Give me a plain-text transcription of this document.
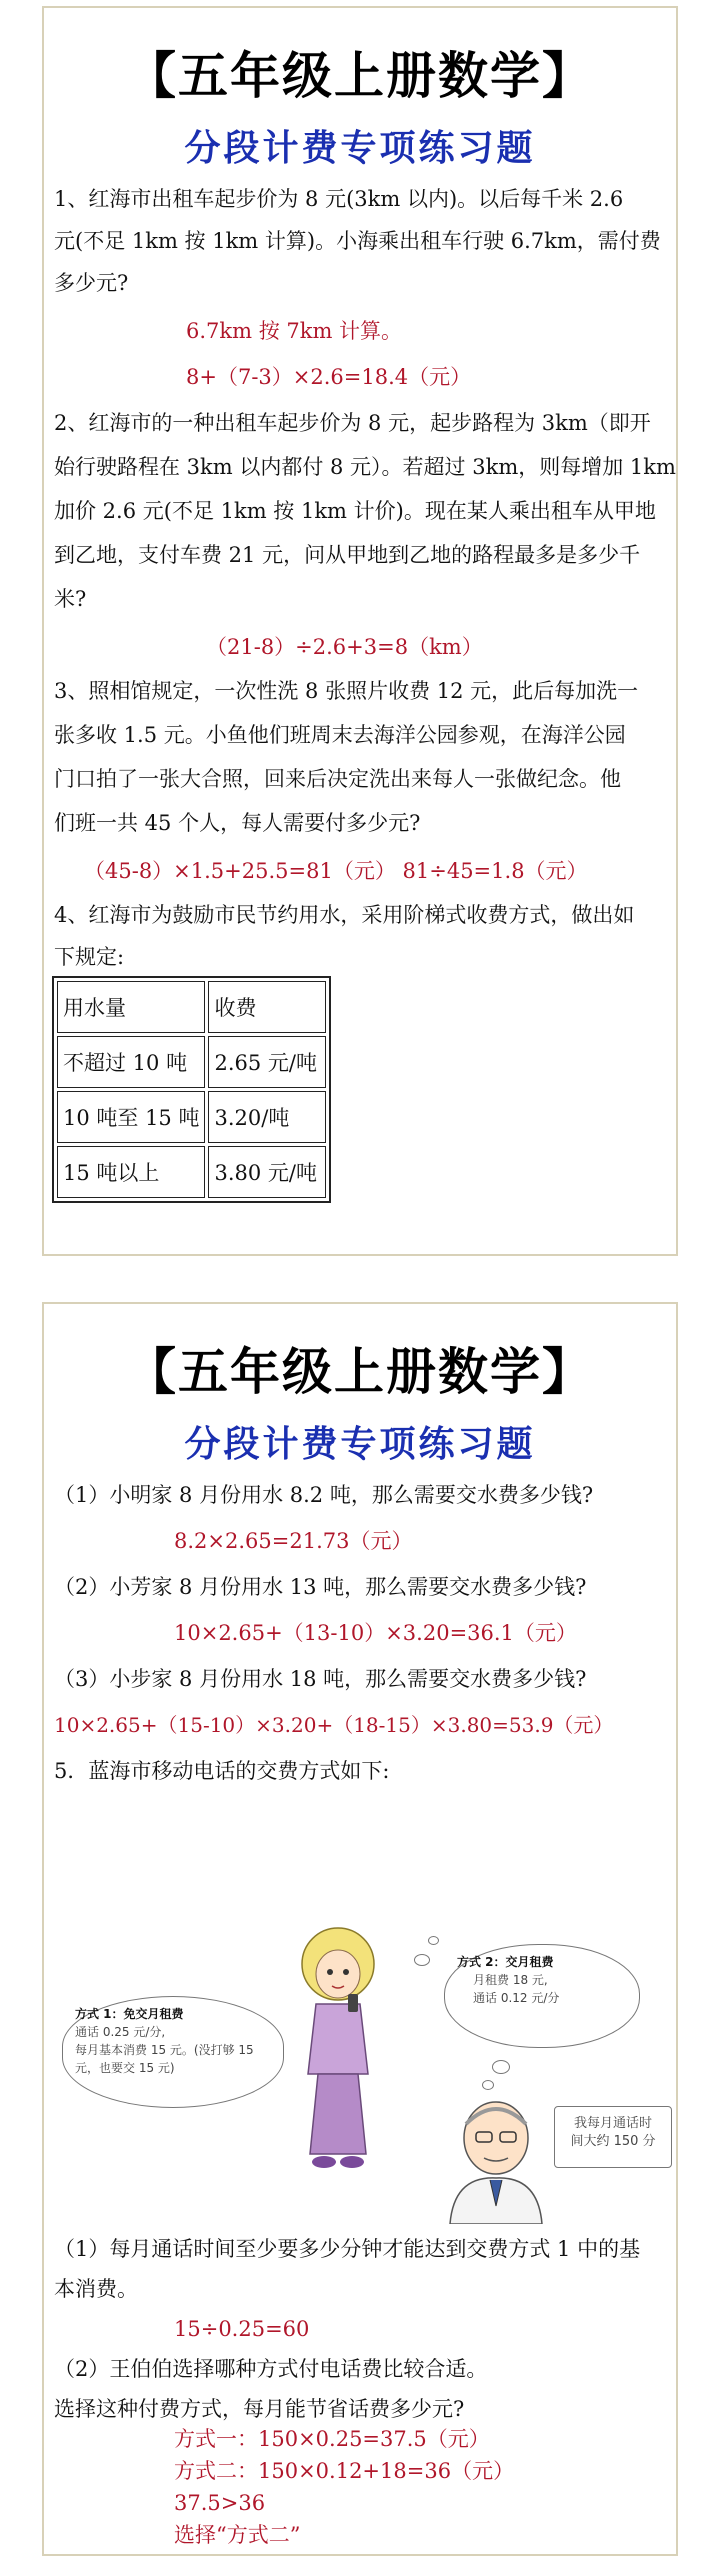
【五年级上册数学】
分段计费专项练习题
1、红海市出租车起步价为 8 元(3km 以内)。以后每千米 2.6
元(不足 1km 按 1km 计算)。小海乘出租车行驶 6.7km，需付费
多少元?
6.7km 按 7km 计算。
8+（7-3）×2.6=18.4（元）
2、红海市的一种出租车起步价为 8 元，起步路程为 3km（即开
始行驶路程在 3km 以内都付 8 元）。若超过 3km，则每增加 1km
加价 2.6 元(不足 1km 按 1km 计价)。现在某人乘出租车从甲地
到乙地，支付车费 21 元，问从甲地到乙地的路程最多是多少千
米?
（21-8）÷2.6+3=8（km）
3、照相馆规定，一次性洗 8 张照片收费 12 元，此后每加洗一
张多收 1.5 元。小鱼他们班周末去海洋公园参观，在海洋公园
门口拍了一张大合照，回来后决定洗出来每人一张做纪念。他
们班一共 45 个人，每人需要付多少元?
（45-8）×1.5+25.5=81（元） 81÷45=1.8（元）
4、红海市为鼓励市民节约用水，采用阶梯式收费方式，做出如
下规定:
用水量	收费
不超过 10 吨	2.65 元/吨
10 吨至 15 吨	3.20/吨
15 吨以上	3.80 元/吨
【五年级上册数学】
分段计费专项练习题
（1）小明家 8 月份用水 8.2 吨，那么需要交水费多少钱?
8.2×2.65=21.73（元）
（2）小芳家 8 月份用水 13 吨，那么需要交水费多少钱?
10×2.65+（13-10）×3.20=36.1（元）
（3）小步家 8 月份用水 18 吨，那么需要交水费多少钱?
10×2.65+（15-10）×3.20+（18-15）×3.80=53.9（元）
5．蓝海市移动电话的交费方式如下:
方式 1：免交月租费
通话 0.25 元/分,
每月基本消费 15 元。(没打够 15
元，也要交 15 元)
方式 2：交月租费
月租费 18 元,
通话 0.12 元/分
我每月通话时
间大约 150 分
（1）每月通话时间至少要多少分钟才能达到交费方式 1 中的基
本消费。
15÷0.25=60
（2）王伯伯选择哪种方式付电话费比较合适。
选择这种付费方式，每月能节省话费多少元?
方式一：150×0.25=37.5（元）
方式二：150×0.12+18=36（元）
37.5>36
选择“方式二”
